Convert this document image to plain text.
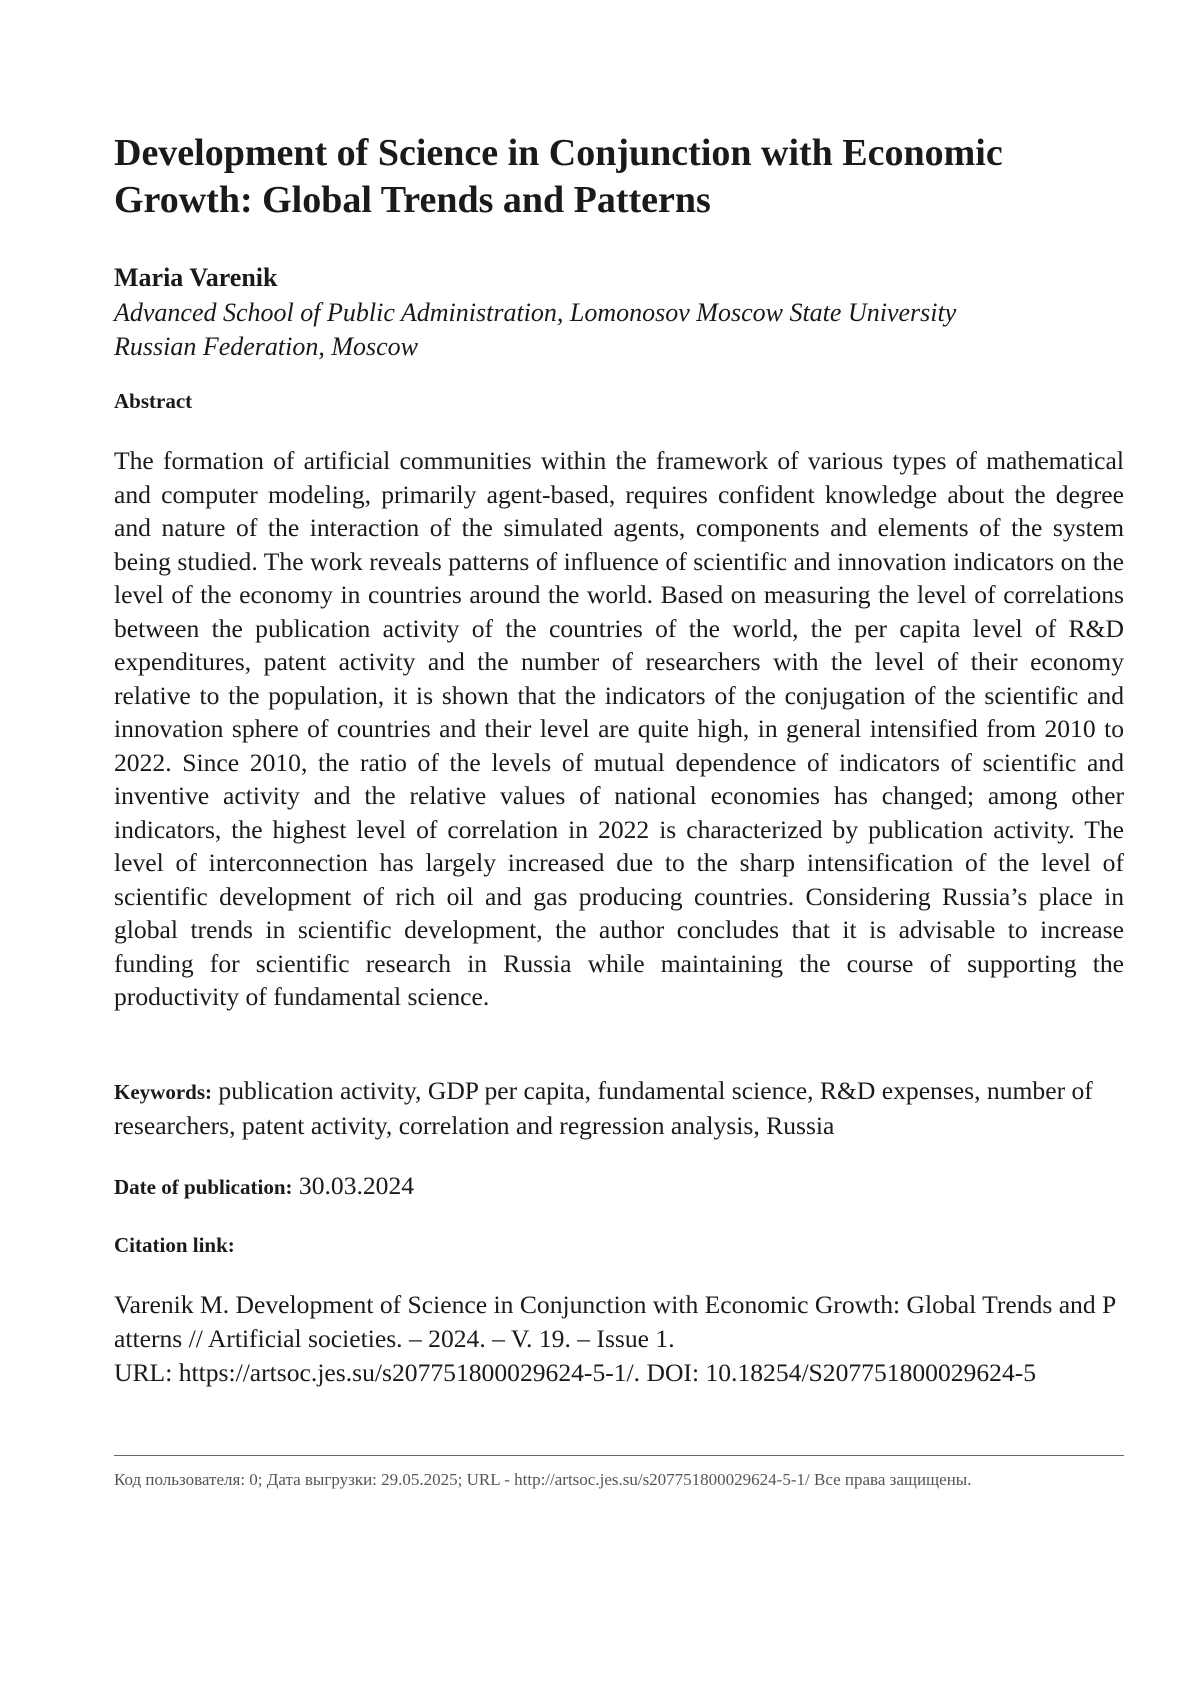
Development of Science in Conjunction with Economic Growth: Global Trends and Patterns
Maria Varenik
Advanced School of Public Administration, Lomonosov Moscow State University
Russian Federation, Moscow
Abstract

The formation of artificial communities within the framework of various types of mathematical and computer modeling, primarily agent-based, requires confident knowledge about the degree and nature of the interaction of the simulated agents, components and elements of the system being studied. The work reveals patterns of influence of scientific and innovation indicators on the level of the economy in countries around the world. Based on measuring the level of correlations between the publication activity of the countries of the world, the per capita level of R&D expenditures, patent activity and the number of researchers with the level of their economy relative to the population, it is shown that the indicators of the conjugation of the scientific and innovation sphere of countries and their level are quite high, in general intensified from 2010 to 2022. Since 2010, the ratio of the levels of mutual dependence of indicators of scientific and inventive activity and the relative values of national economies has changed; among other indicators, the highest level of correlation in 2022 is characterized by publication activity. The level of interconnection has largely increased due to the sharp intensification of the level of scientific development of rich oil and gas producing countries. Considering Russia’s place in global trends in scientific development, the author concludes that it is advisable to increase funding for scientific research in Russia while maintaining the course of supporting the productivity of fundamental science.

Keywords: publication activity, GDP per capita, fundamental science, R&D expenses, number of researchers, patent activity, correlation and regression analysis, Russia
Date of publication: 30.03.2024
Citation link:
Varenik M. Development of Science in Conjunction with Economic Growth: Global Trends and Patterns // Artificial societies. – 2024. – V. 19. – Issue 1.
URL: https://artsoc.jes.su/s207751800029624-5-1/. DOI: 10.18254/S207751800029624-5
Код пользователя: 0; Дата выгрузки: 29.05.2025; URL - http://artsoc.jes.su/s207751800029624-5-1/ Все права защищены.
